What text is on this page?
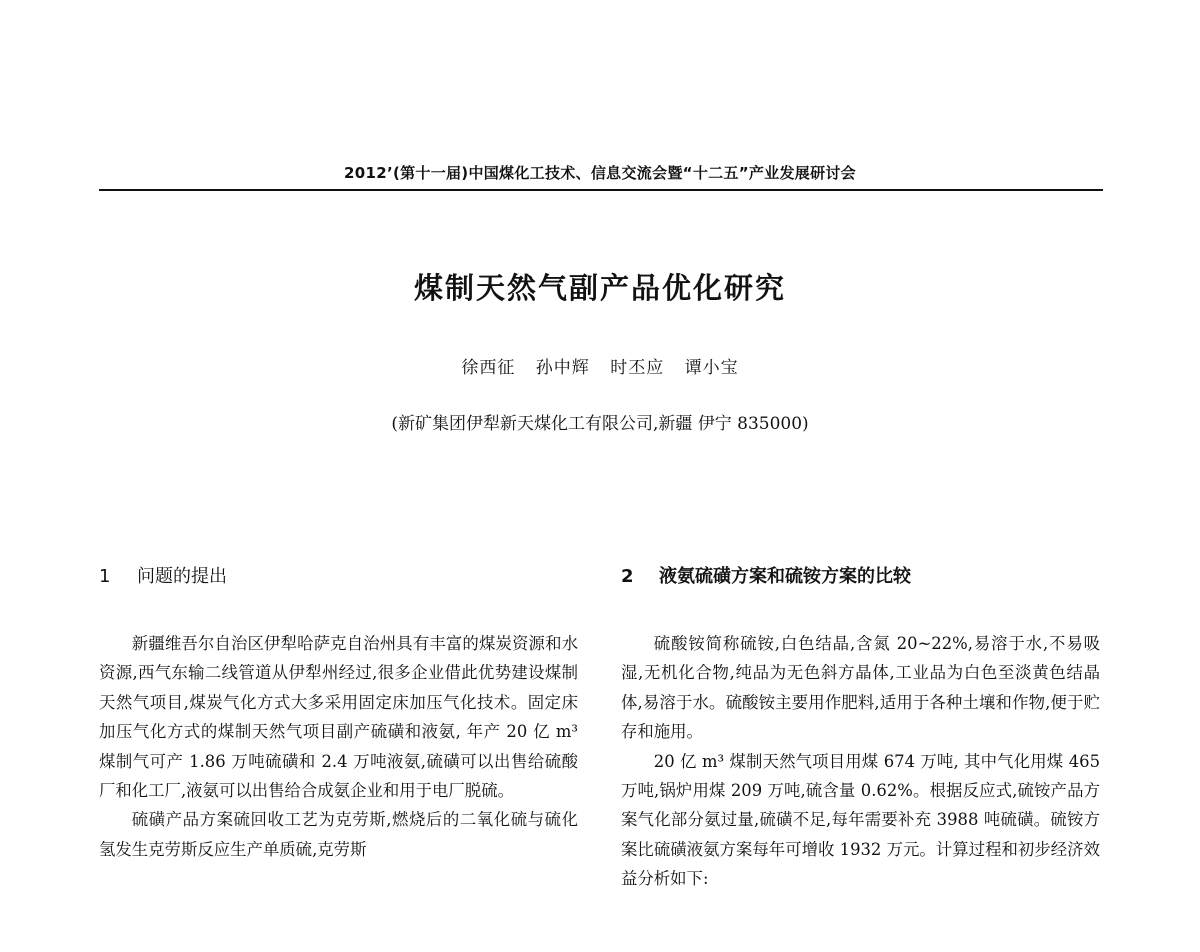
2012’(第十一届)中国煤化工技术、信息交流会暨“十二五”产业发展研讨会
煤制天然气副产品优化研究
徐西征 孙中辉 时丕应 谭小宝
(新矿集团伊犁新天煤化工有限公司,新疆 伊宁 835000)
1 问题的提出

新疆维吾尔自治区伊犁哈萨克自治州具有丰富的煤炭资源和水资源,西气东输二线管道从伊犁州经过,很多企业借此优势建设煤制天然气项目,煤炭气化方式大多采用固定床加压气化技术。固定床加压气化方式的煤制天然气项目副产硫磺和液氨, 年产 20 亿 m³ 煤制气可产 1.86 万吨硫磺和 2.4 万吨液氨,硫磺可以出售给硫酸厂和化工厂,液氨可以出售给合成氨企业和用于电厂脱硫。

硫磺产品方案硫回收工艺为克劳斯,燃烧后的二氧化硫与硫化氢发生克劳斯反应生产单质硫,克劳斯

2 液氨硫磺方案和硫铵方案的比较

硫酸铵简称硫铵,白色结晶,含氮 20~22%,易溶于水,不易吸湿,无机化合物,纯品为无色斜方晶体,工业品为白色至淡黄色结晶体,易溶于水。硫酸铵主要用作肥料,适用于各种土壤和作物,便于贮存和施用。

20 亿 m³ 煤制天然气项目用煤 674 万吨, 其中气化用煤 465 万吨,锅炉用煤 209 万吨,硫含量 0.62%。根据反应式,硫铵产品方案气化部分氨过量,硫磺不足,每年需要补充 3988 吨硫磺。硫铵方案比硫磺液氨方案每年可增收 1932 万元。计算过程和初步经济效益分析如下:
